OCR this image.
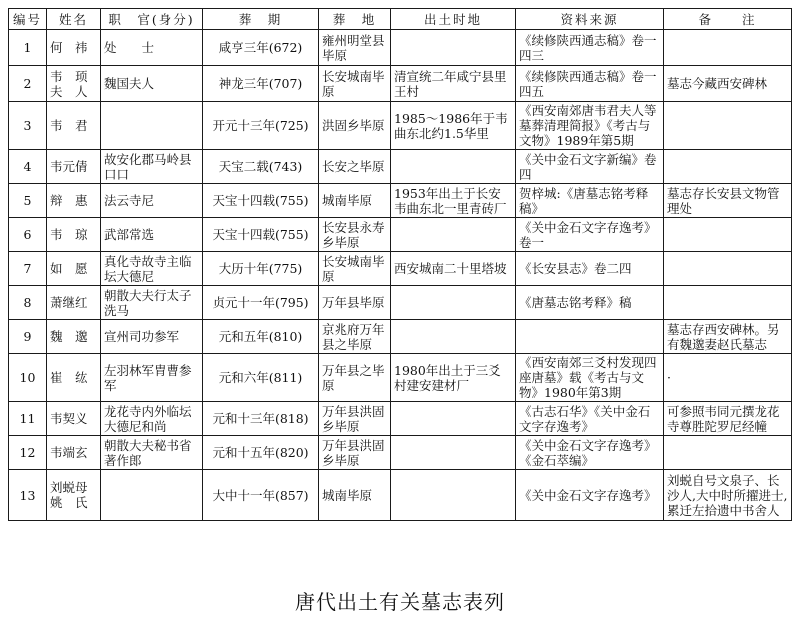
编号	姓名	职　官(身分)	葬　期	葬　地	出土时地	资料来源	备　　注
1	何　祎	处　　士	咸亨三年(672)	雍州明堂县毕原		《续修陕西通志稿》卷一四三	
2	韦　顼夫　人	魏国夫人	神龙三年(707)	长安城南毕原	清宣统二年咸宁县里王村	《续修陕西通志稿》卷一四五	墓志今藏西安碑林
3	韦　君		开元十三年(725)	洪固乡毕原	1985～1986年于韦曲东北约1.5华里	《西安南郊唐韦君夫人等墓葬清理简报》《考古与文物》1989年第5期	
4	韦元倩	故安化郡马岭县口口	天宝二载(743)	长安之毕原		《关中金石文字新编》卷四	
5	辩　惠	法云寺尼	天宝十四载(755)	城南毕原	1953年出土于长安韦曲东北一里青砖厂	贺梓城:《唐墓志铭考释稿》	墓志存长安县文物管理处
6	韦　琼	武部常选	天宝十四载(755)	长安县永寿乡毕原		《关中金石文字存逸考》卷一	
7	如　愿	真化寺故寺主临坛大德尼	大历十年(775)	长安城南毕原	西安城南二十里塔坡	《长安县志》卷二四	
8	萧继红	朝散大夫行太子洗马	贞元十一年(795)	万年县毕原		《唐墓志铭考释》稿	
9	魏　邈	宣州司功参军	元和五年(810)	京兆府万年县之毕原			墓志存西安碑林。另有魏邈妻赵氏墓志
10	崔　纮	左羽林军胄曹参军	元和六年(811)	万年县之毕原	1980年出土于三爻村建安建材厂	《西安南郊三爻村发现四座唐墓》载《考古与文物》1980年第3期	·
11	韦契义	龙花寺内外临坛大德尼和尚	元和十三年(818)	万年县洪固乡毕原		《古志石华》《关中金石文字存逸考》	可参照韦同元撰龙花寺尊胜陀罗尼经幢
12	韦端玄	朝散大夫秘书省著作郎	元和十五年(820)	万年县洪固乡毕原		《关中金石文字存逸考》《金石萃编》	
13	刘蜕母姚　氏		大中十一年(857)	城南毕原		《关中金石文字存逸考》	刘蜕自号文泉子、长沙人,大中时所擢进士,累迁左拾遗中书舍人
唐代出土有关墓志表列
